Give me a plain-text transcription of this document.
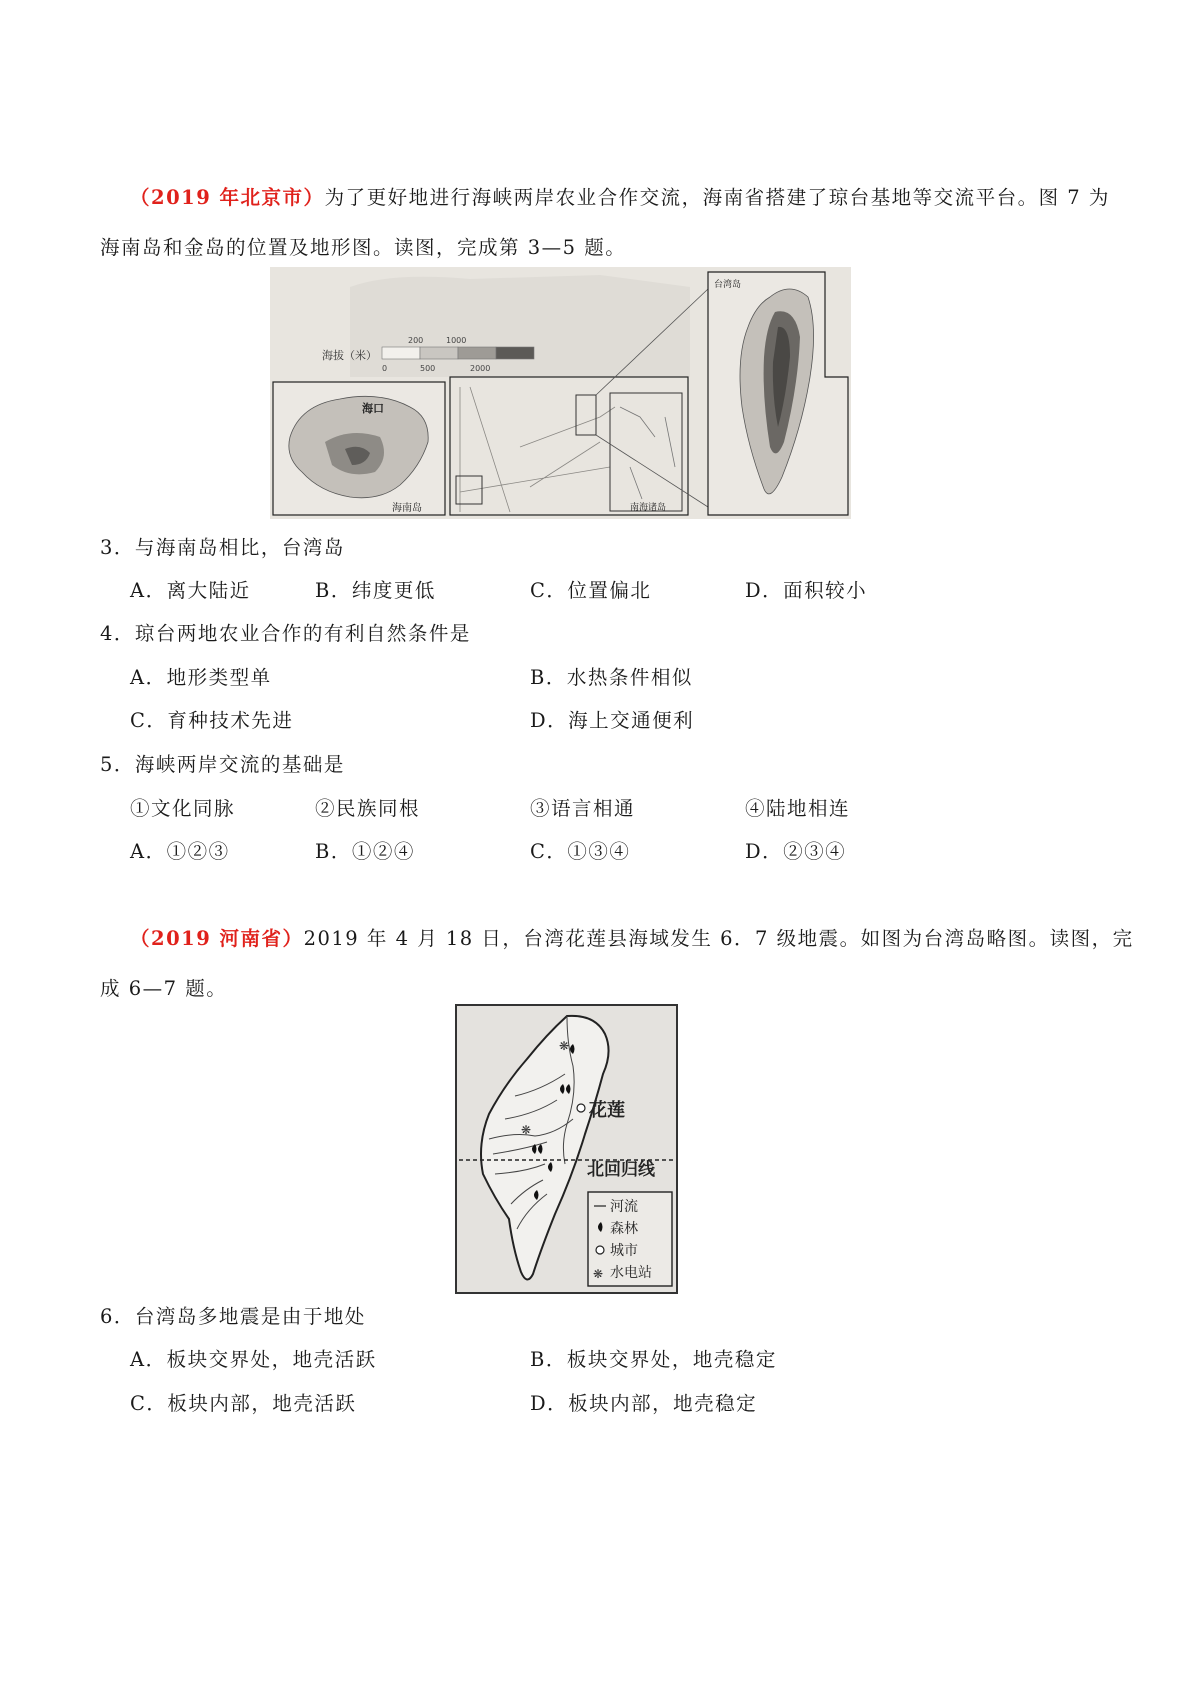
（2019 年北京市）为了更好地进行海峡两岸农业合作交流，海南省搭建了琼台基地等交流平台。图 7 为
海南岛和金岛的位置及地形图。读图，完成第 3—5 题。
海拔（米）
200	1000
0	500	2000
海口
海南岛	南海诸岛
台湾岛
3．与海南岛相比，台湾岛
A．离大陆近	B．纬度更低	C．位置偏北	D．面积较小
4．琼台两地农业合作的有利自然条件是
A．地形类型单	B．水热条件相似
C．育种技术先进	D．海上交通便利
5．海峡两岸交流的基础是
①文化同脉	②民族同根	③语言相通	④陆地相连
A．①②③	B．①②④	C．①③④	D．②③④
（2019 河南省）2019 年 4 月 18 日，台湾花莲县海域发生 6．7 级地震。如图为台湾岛略图。读图，完
成 6—7 题。
❋
❋
花莲
北回归线
河流
森林
城市
❋ 水电站
6．台湾岛多地震是由于地处
A．板块交界处，地壳活跃	B．板块交界处，地壳稳定
C．板块内部，地壳活跃	D．板块内部，地壳稳定
